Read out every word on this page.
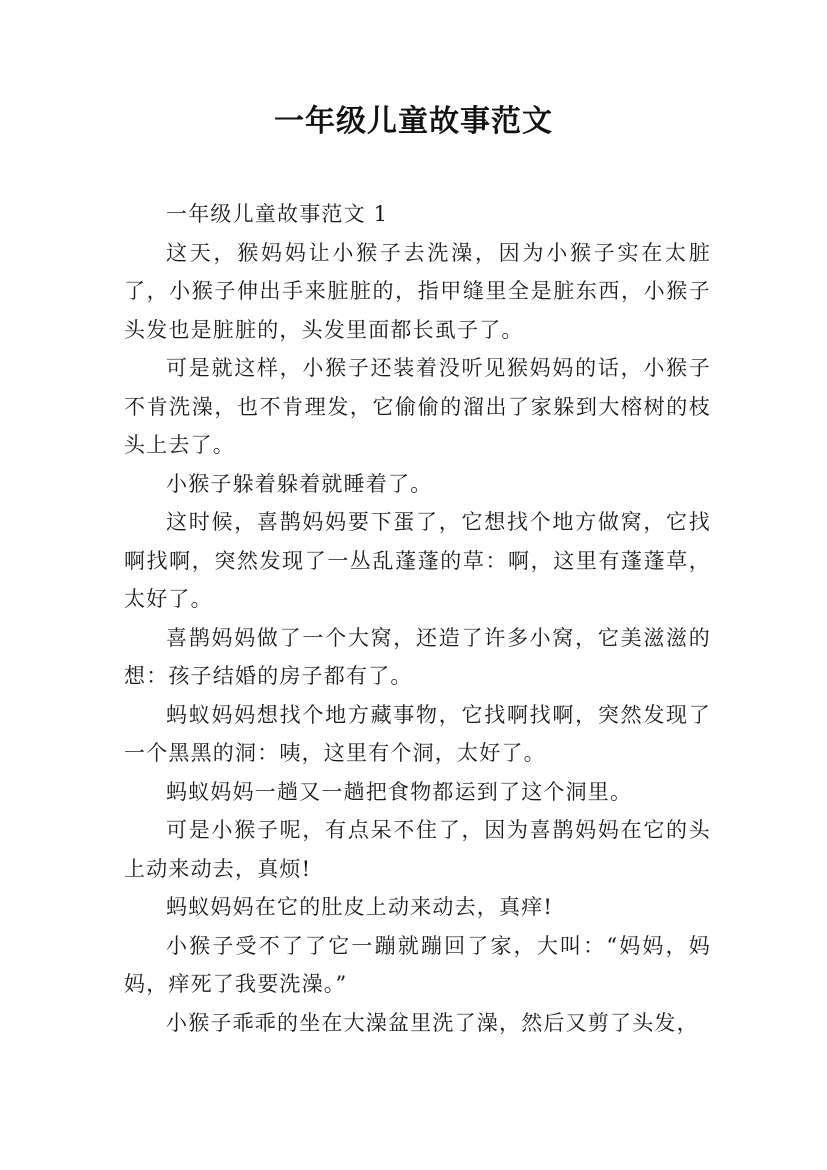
一年级儿童故事范文

一年级儿童故事范文 1

这天，猴妈妈让小猴子去洗澡，因为小猴子实在太脏了，小猴子伸出手来脏脏的，指甲缝里全是脏东西，小猴子头发也是脏脏的，头发里面都长虱子了。

可是就这样，小猴子还装着没听见猴妈妈的话，小猴子不肯洗澡，也不肯理发，它偷偷的溜出了家躲到大榕树的枝头上去了。

小猴子躲着躲着就睡着了。

这时候，喜鹊妈妈要下蛋了，它想找个地方做窝，它找啊找啊，突然发现了一丛乱蓬蓬的草：啊，这里有蓬蓬草，太好了。

喜鹊妈妈做了一个大窝，还造了许多小窝，它美滋滋的想：孩子结婚的房子都有了。

蚂蚁妈妈想找个地方藏事物，它找啊找啊，突然发现了一个黑黑的洞：咦，这里有个洞，太好了。

蚂蚁妈妈一趟又一趟把食物都运到了这个洞里。

可是小猴子呢，有点呆不住了，因为喜鹊妈妈在它的头上动来动去，真烦!

蚂蚁妈妈在它的肚皮上动来动去，真痒!

小猴子受不了了它一蹦就蹦回了家，大叫：“妈妈，妈妈，痒死了我要洗澡。”

小猴子乖乖的坐在大澡盆里洗了澡，然后又剪了头发，
